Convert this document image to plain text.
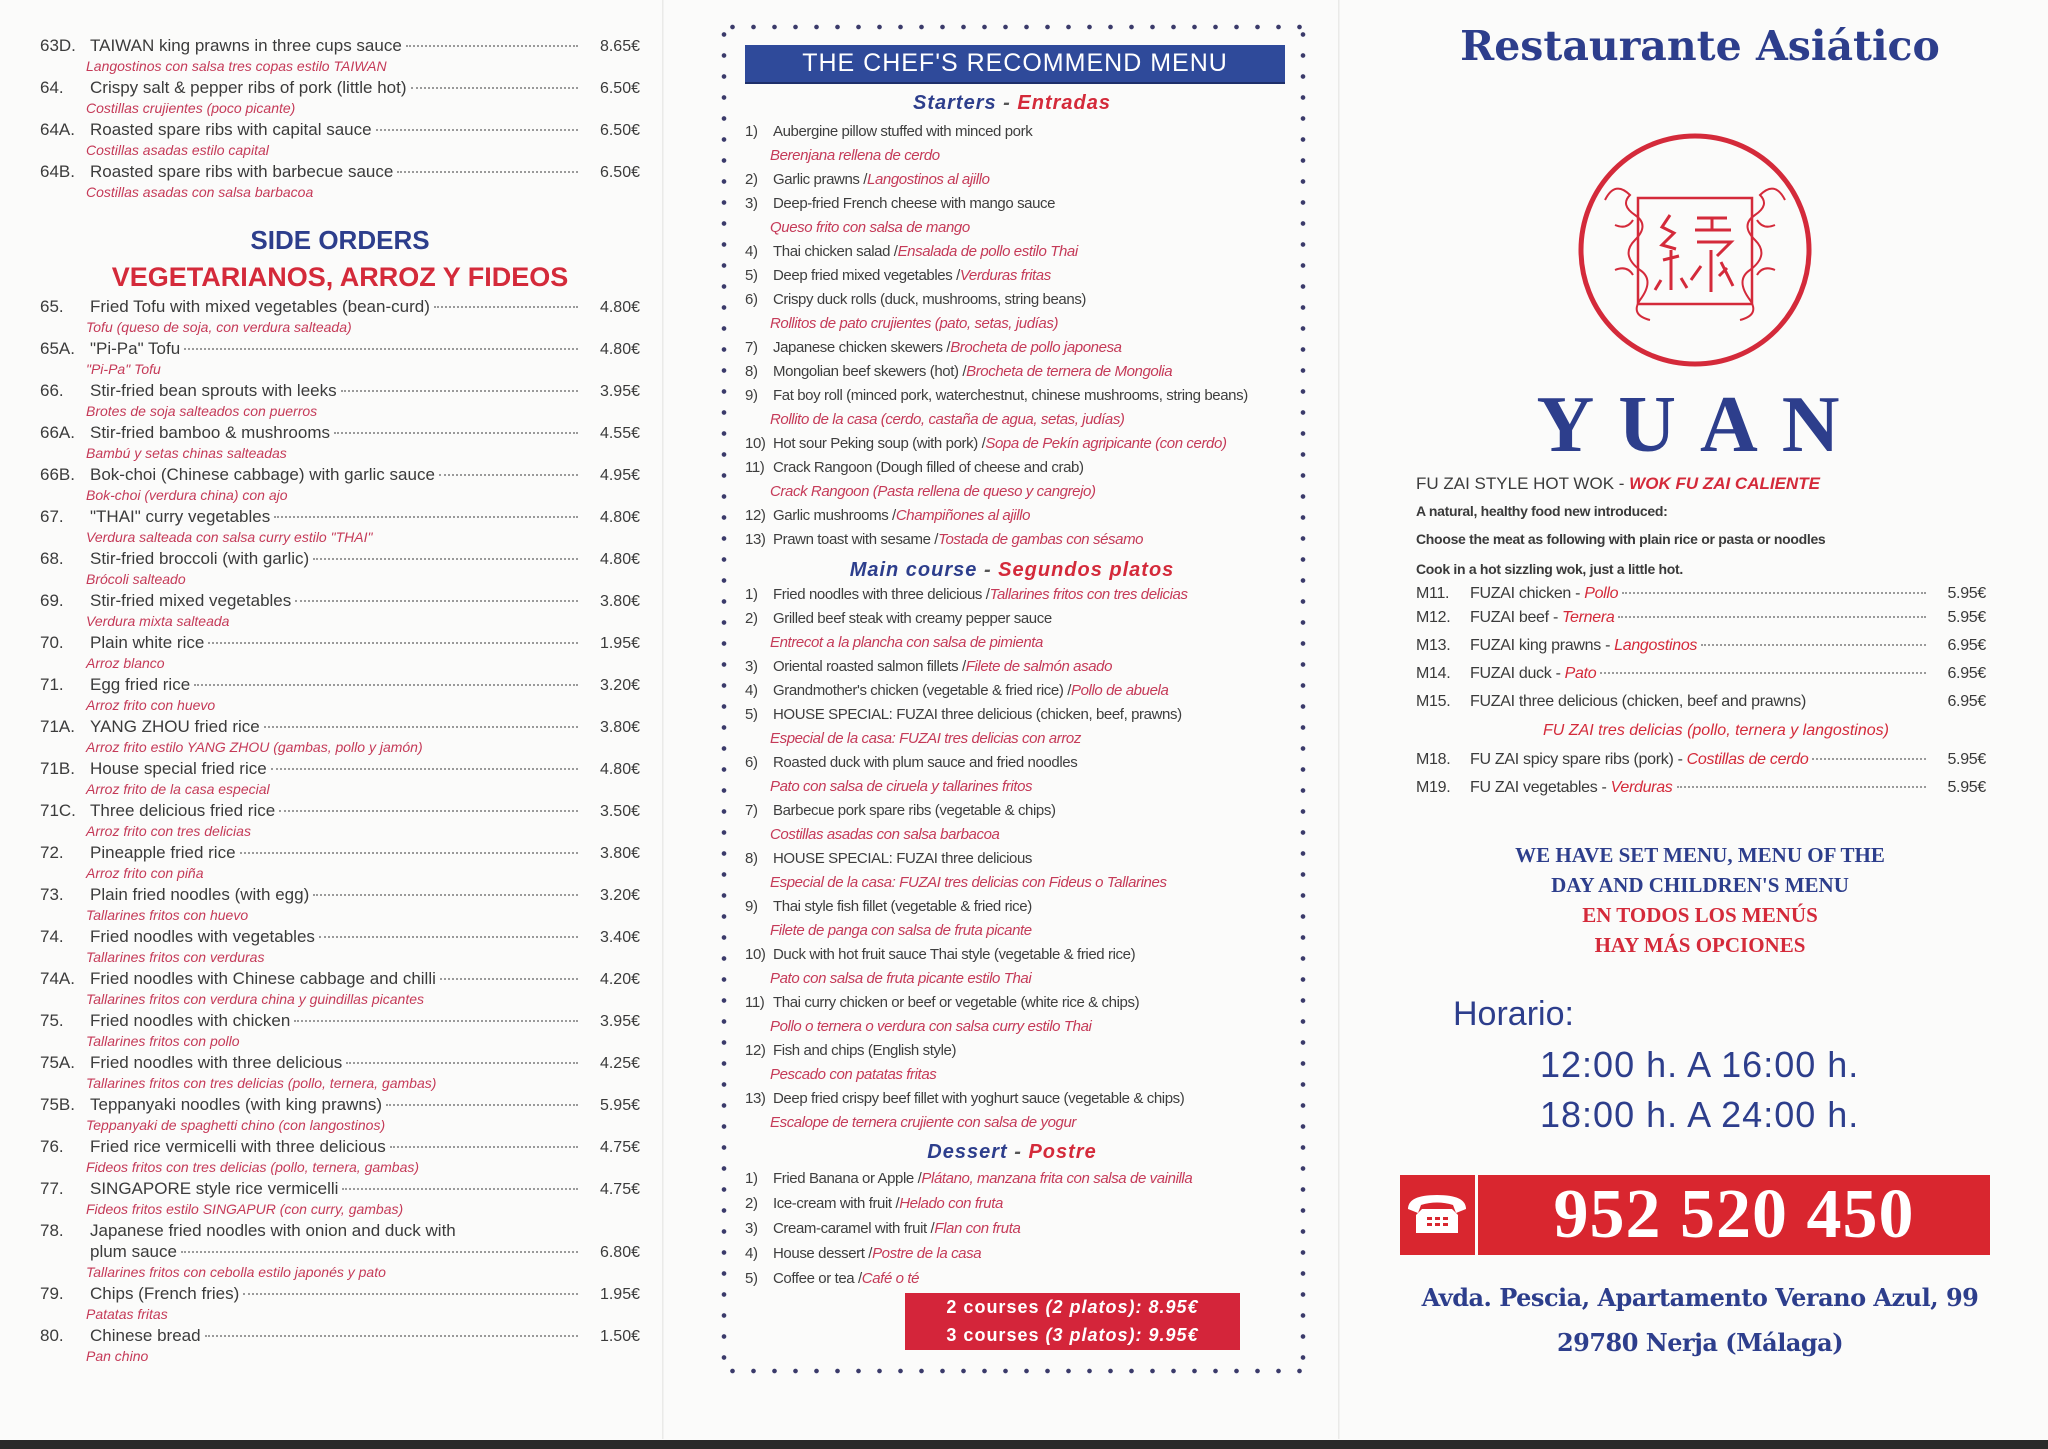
63D. TAIWAN king prawns in three cups sauce	8.65€
Langostinos con salsa tres copas estilo TAIWAN
64.	Crispy salt & pepper ribs of pork (little hot)	6.50€
Costillas crujientes (poco picante)
64A. Roasted spare ribs with capital sauce	6.50€
Costillas asadas estilo capital
64B. Roasted spare ribs with barbecue sauce	6.50€
Costillas asadas con salsa barbacoa
SIDE ORDERS
VEGETARIANOS, ARROZ Y FIDEOS
65.	Fried Tofu with mixed vegetables (bean-curd)	4.80€
Tofu (queso de soja, con verdura salteada)
65A. "Pi-Pa" Tofu	4.80€
"Pi-Pa" Tofu
66.	Stir-fried bean sprouts with leeks	3.95€
Brotes de soja salteados con puerros
66A. Stir-fried bamboo & mushrooms	4.55€
Bambú y setas chinas salteadas
66B. Bok-choi (Chinese cabbage) with garlic sauce	4.95€
Bok-choi (verdura china) con ajo
67.	"THAI" curry vegetables	4.80€
Verdura salteada con salsa curry estilo "THAI"
68.	Stir-fried broccoli (with garlic)	4.80€
Brócoli salteado
69.	Stir-fried mixed vegetables	3.80€
Verdura mixta salteada
70.	Plain white rice	1.95€
Arroz blanco
71.	Egg fried rice	3.20€
Arroz frito con huevo
71A. YANG ZHOU fried rice	3.80€
Arroz frito estilo YANG ZHOU (gambas, pollo y jamón)
71B. House special fried rice	4.80€
Arroz frito de la casa especial
71C. Three delicious fried rice	3.50€
Arroz frito con tres delicias
72.	Pineapple fried rice	3.80€
Arroz frito con piña
73.	Plain fried noodles (with egg)	3.20€
Tallarines fritos con huevo
74.	Fried noodles with vegetables	3.40€
Tallarines fritos con verduras
74A. Fried noodles with Chinese cabbage and chilli	4.20€
Tallarines fritos con verdura china y guindillas picantes
75.	Fried noodles with chicken	3.95€
Tallarines fritos con pollo
75A. Fried noodles with three delicious	4.25€
Tallarines fritos con tres delicias (pollo, ternera, gambas)
75B. Teppanyaki noodles (with king prawns)	5.95€
Teppanyaki de spaghetti chino (con langostinos)
76.	Fried rice vermicelli with three delicious	4.75€
Fideos fritos con tres delicias (pollo, ternera, gambas)
77.	SINGAPORE style rice vermicelli	4.75€
Fideos fritos estilo SINGAPUR (con curry, gambas)
78.	Japanese fried noodles with onion and duck with
plum sauce	6.80€
Tallarines fritos con cebolla estilo japonés y pato
79.	Chips (French fries)	1.95€
Patatas fritas
80.	Chinese bread	1.50€
Pan chino
THE CHEF'S RECOMMEND MENU
Starters - Entradas
1) Aubergine pillow stuffed with minced pork
Berenjana rellena de cerdo
2) Garlic prawns /Langostinos al ajillo
3) Deep-fried French cheese with mango sauce
Queso frito con salsa de mango
4) Thai chicken salad /Ensalada de pollo estilo Thai
5) Deep fried mixed vegetables /Verduras fritas
6) Crispy duck rolls (duck, mushrooms, string beans)
Rollitos de pato crujientes (pato, setas, judías)
7) Japanese chicken skewers /Brocheta de pollo japonesa
8) Mongolian beef skewers (hot) /Brocheta de ternera de Mongolia
9) Fat boy roll (minced pork, waterchestnut, chinese mushrooms, string beans)
Rollito de la casa (cerdo, castaña de agua, setas, judías)
10) Hot sour Peking soup (with pork) /Sopa de Pekín agripicante (con cerdo)
11) Crack Rangoon (Dough filled of cheese and crab)
Crack Rangoon (Pasta rellena de queso y cangrejo)
12) Garlic mushrooms /Champiñones al ajillo
13) Prawn toast with sesame /Tostada de gambas con sésamo
Main course - Segundos platos
1) Fried noodles with three delicious /Tallarines fritos con tres delicias
2) Grilled beef steak with creamy pepper sauce
Entrecot a la plancha con salsa de pimienta
3) Oriental roasted salmon fillets /Filete de salmón asado
4) Grandmother's chicken (vegetable & fried rice) /Pollo de abuela
5) HOUSE SPECIAL: FUZAI three delicious (chicken, beef, prawns)
Especial de la casa: FUZAI tres delicias con arroz
6) Roasted duck with plum sauce and fried noodles
Pato con salsa de ciruela y tallarines fritos
7) Barbecue pork spare ribs (vegetable & chips)
Costillas asadas con salsa barbacoa
8) HOUSE SPECIAL: FUZAI three delicious
Especial de la casa: FUZAI tres delicias con Fideus o Tallarines
9) Thai style fish fillet (vegetable & fried rice)
Filete de panga con salsa de fruta picante
10) Duck with hot fruit sauce Thai style (vegetable & fried rice)
Pato con salsa de fruta picante estilo Thai
11) Thai curry chicken or beef or vegetable (white rice & chips)
Pollo o ternera o verdura con salsa curry estilo Thai
12) Fish and chips (English style)
Pescado con patatas fritas
13) Deep fried crispy beef fillet with yoghurt sauce (vegetable & chips)
Escalope de ternera crujiente con salsa de yogur
Dessert - Postre
1) Fried Banana or Apple /Plátano, manzana frita con salsa de vainilla
2) Ice-cream with fruit /Helado con fruta
3) Cream-caramel with fruit /Flan con fruta
4) House dessert /Postre de la casa
5) Coffee or tea /Café o té
2 courses (2 platos): 8.95€
3 courses (3 platos): 9.95€
Restaurante Asiático
YUAN
FU ZAI STYLE HOT WOK - WOK FU ZAI CALIENTE
A natural, healthy food new introduced:
Choose the meat as following with plain rice or pasta or noodles
Cook in a hot sizzling wok, just a little hot.
M11.	FUZAI chicken - Pollo	5.95€
M12.	FUZAI beef - Ternera	5.95€
M13.	FUZAI king prawns - Langostinos	6.95€
M14.	FUZAI duck - Pato	6.95€
M15.	FUZAI three delicious (chicken, beef and prawns)	6.95€
FU ZAI tres delicias (pollo, ternera y langostinos)
M18.	FU ZAI spicy spare ribs (pork) - Costillas de cerdo	5.95€
M19.	FU ZAI vegetables - Verduras	5.95€
WE HAVE SET MENU, MENU OF THE
DAY AND CHILDREN'S MENU
EN TODOS LOS MENÚS
HAY MÁS OPCIONES
Horario:
12:00 h. A 16:00 h.
18:00 h. A 24:00 h.
952 520 450
Avda. Pescia, Apartamento Verano Azul, 99
29780 Nerja (Málaga)
